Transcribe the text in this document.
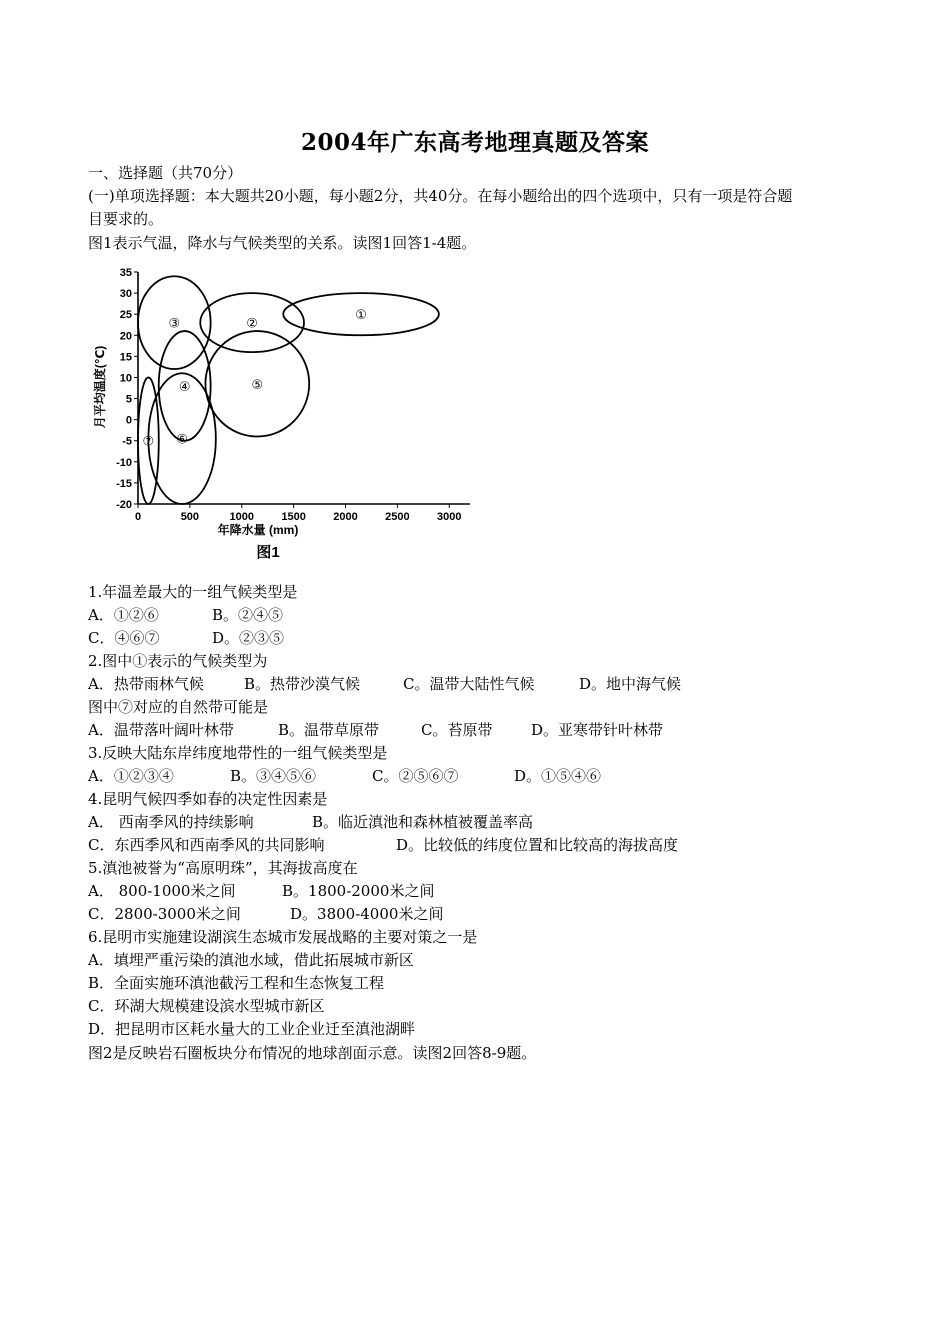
2004年广东高考地理真题及答案
一、选择题（共70分）
(一)单项选择题：本大题共20小题，每小题2分，共40分。在每小题给出的四个选项中，只有一项是符合题
目要求的。
图1表示气温，降水与气候类型的关系。读图1回答1-4题。
35
30
25
20
15
10
5
0
-5
-10
-15
-20
0	500	1000 1500 2000 2500 3000
①
②
③
④	⑤
⑥
⑦
年降水量 (mm)
月平均温度(℃)
图1
1.年温差最大的一组气候类型是
A．①②⑥	B。②④⑤
C．④⑥⑦	D。②③⑤
2.图中①表示的气候类型为
A．热带雨林气候	B。热带沙漠气候	C。温带大陆性气候	D。地中海气候
图中⑦对应的自然带可能是
A．温带落叶阔叶林带	B。温带草原带	C。苔原带	D。亚寒带针叶林带
3.反映大陆东岸纬度地带性的一组气候类型是
A．①②③④	B。③④⑤⑥	C。②⑤⑥⑦	D。①⑤④⑥
4.昆明气候四季如春的决定性因素是
A． 西南季风的持续影响	B。临近滇池和森林植被覆盖率高
C．东西季风和西南季风的共同影响	D。比较低的纬度位置和比较高的海拔高度
5.滇池被誉为“高原明珠”，其海拔高度在
A． 800-1000米之间	B。1800-2000米之间
C．2800-3000米之间	D。3800-4000米之间
6.昆明市实施建设湖滨生态城市发展战略的主要对策之一是
A．填埋严重污染的滇池水域，借此拓展城市新区
B．全面实施环滇池截污工程和生态恢复工程
C．环湖大规模建设滨水型城市新区
D．把昆明市区耗水量大的工业企业迁至滇池湖畔
图2是反映岩石圈板块分布情况的地球剖面示意。读图2回答8-9题。
